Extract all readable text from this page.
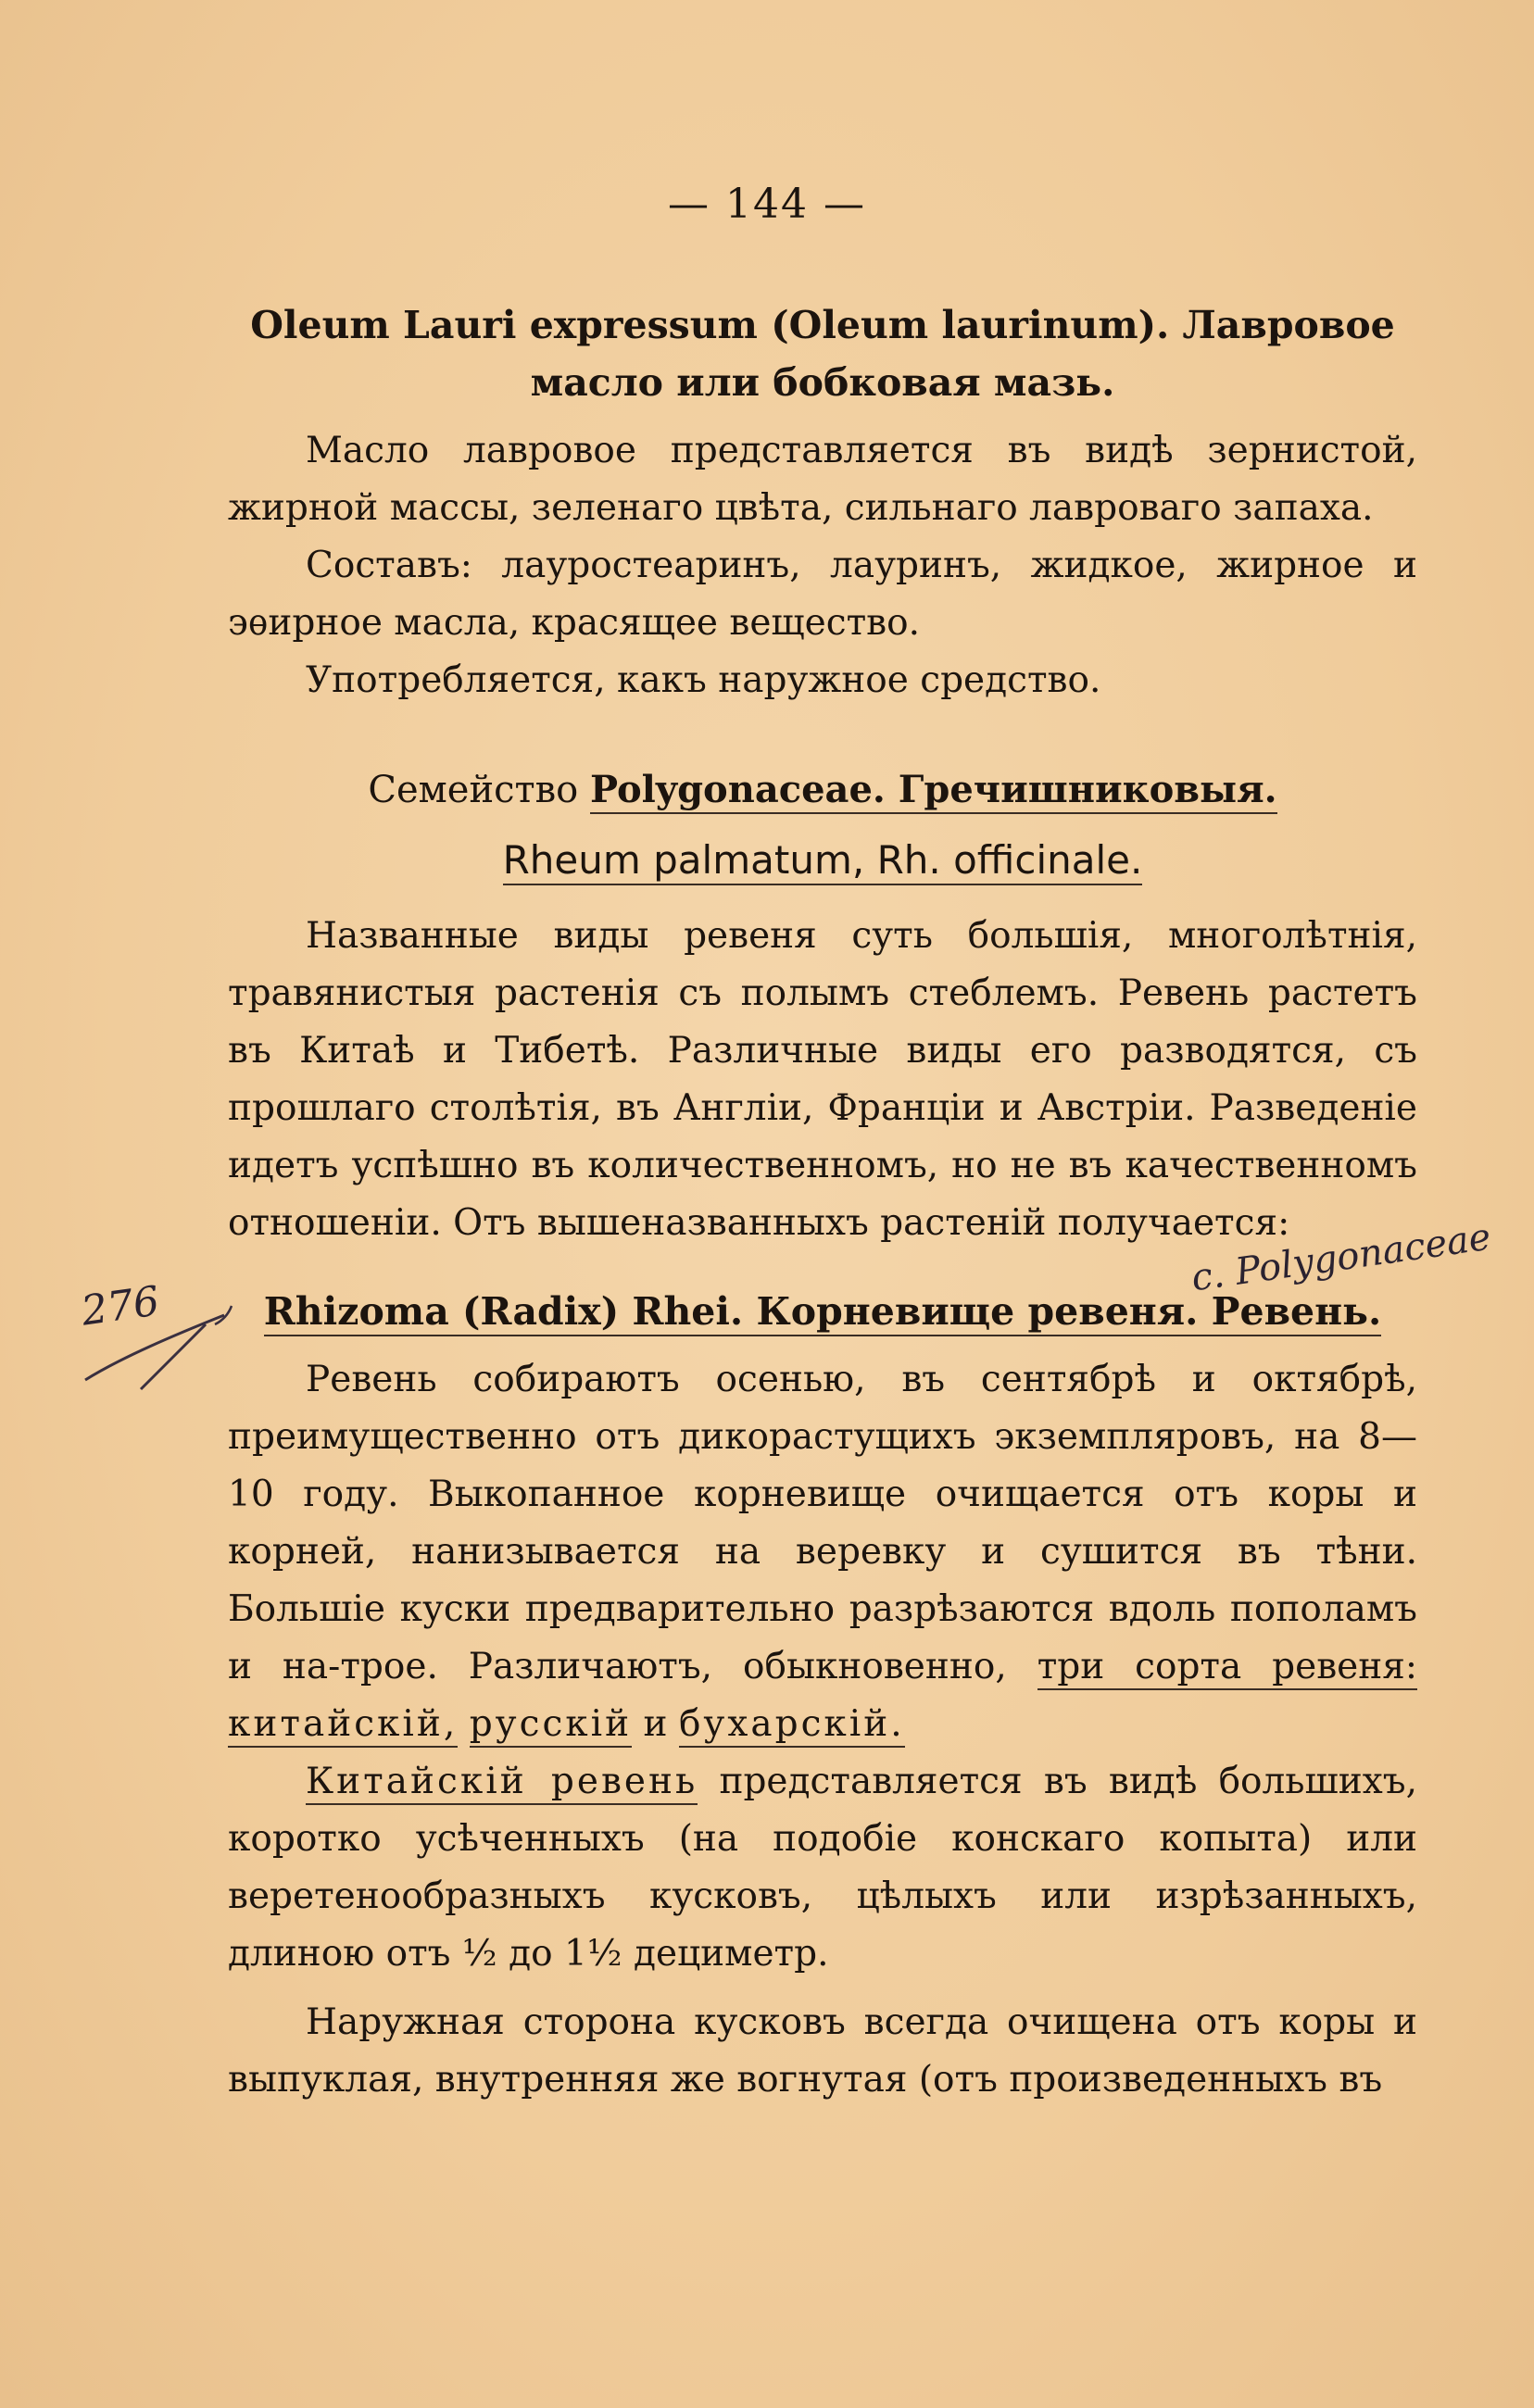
— 144 —
Oleum Lauri expressum (Oleum laurinum). Лавровое масло или бобковая мазь.

Масло лавровое представляется въ видѣ зернистой, жирной массы, зеленаго цвѣта, сильнаго лавроваго запаха.

Составъ: лауростеаринъ, лауринъ, жидкое, жирное и эѳирное масла, красящее вещество.

Употребляется, какъ наружное средство.

Семейство Polygonaceae. Гречишниковыя.
Rheum palmatum, Rh. officinale.

Названные виды ревеня суть большія, многолѣтнія, травянистыя растенія съ полымъ стеблемъ. Ревень растетъ въ Китаѣ и Тибетѣ. Различные виды его разводятся, съ прошлаго столѣтія, въ Англіи, Франціи и Австріи. Разведеніе идетъ успѣшно въ количественномъ, но не въ качественномъ отношеніи. Отъ вышеназванныхъ растеній получается:

Rhizoma (Radix) Rhei. Корневище ревеня. Ревень.

Ревень собираютъ осенью, въ сентябрѣ и октябрѣ, преимущественно отъ дикорастущихъ экземпляровъ, на 8—10 году. Выкопанное корневище очищается отъ коры и корней, нанизывается на веревку и сушится въ тѣни. Большіе куски предварительно разрѣзаются вдоль пополамъ и на-трое. Различаютъ, обыкновенно, три сорта ревеня: китайскій, русскій и бухарскій.

Китайскій ревень представляется въ видѣ большихъ, коротко усѣченныхъ (на подобіе конскаго копыта) или веретенообразныхъ кусковъ, цѣлыхъ или изрѣзанныхъ, длиною отъ ½ до 1½ дециметр.

Наружная сторона кусковъ всегда очищена отъ коры и выпуклая, внутренняя же вогнутая (отъ произведенныхъ въ

276
c. Polygonaceae
